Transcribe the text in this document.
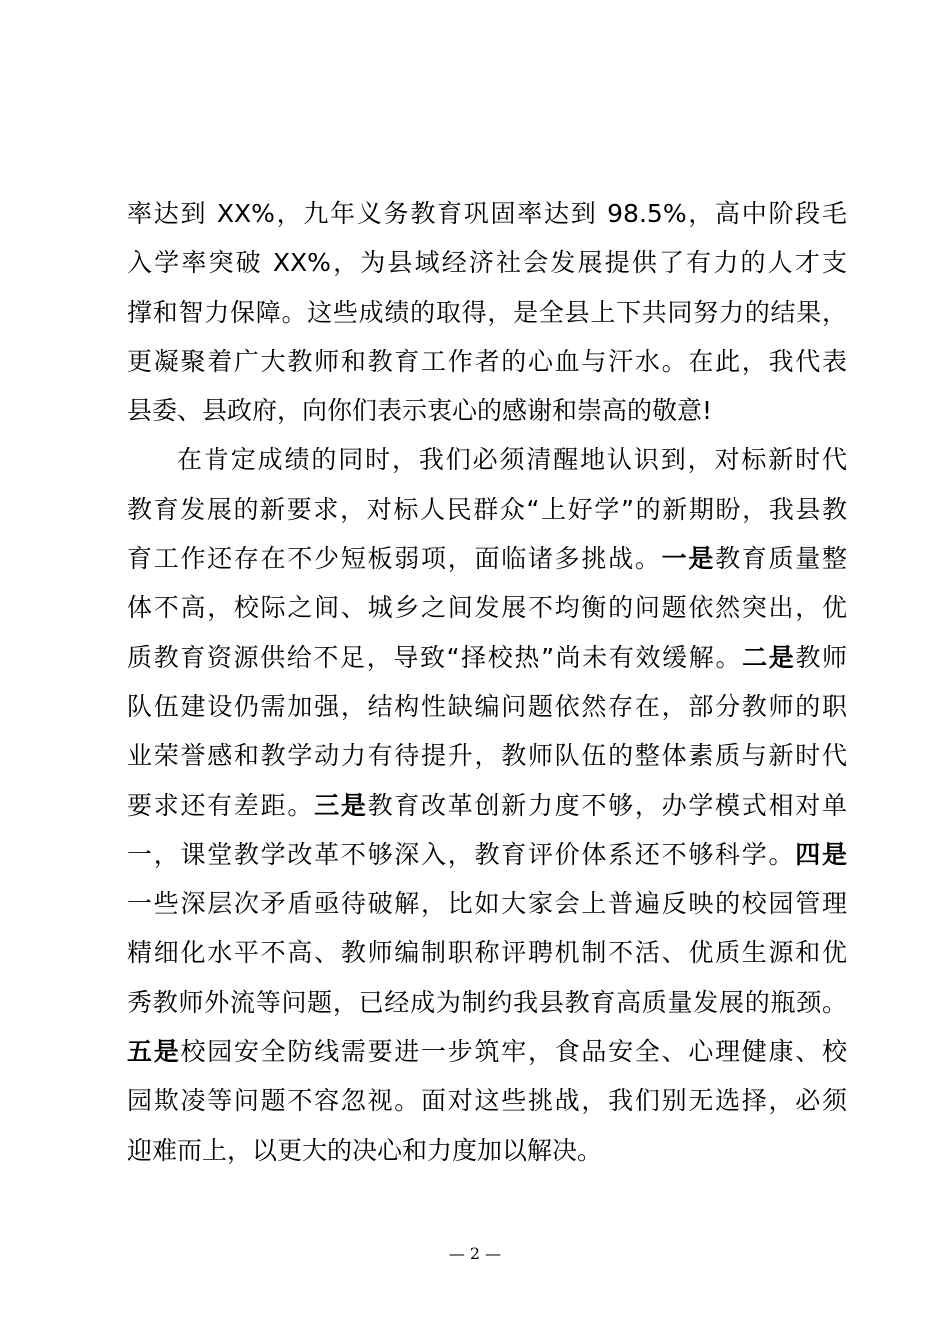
率达到 XX%，九年义务教育巩固率达到 98.5%，高中阶段毛
入学率突破 XX%，为县域经济社会发展提供了有力的人才支
撑和智力保障。这些成绩的取得，是全县上下共同努力的结果，
更凝聚着广大教师和教育工作者的心血与汗水。在此，我代表
县委、县政府，向你们表示衷心的感谢和崇高的敬意!
在肯定成绩的同时，我们必须清醒地认识到，对标新时代
教育发展的新要求，对标人民群众“上好学”的新期盼，我县教
育工作还存在不少短板弱项，面临诸多挑战。一是教育质量整
体不高，校际之间、城乡之间发展不均衡的问题依然突出，优
质教育资源供给不足，导致“择校热”尚未有效缓解。二是教师
队伍建设仍需加强，结构性缺编问题依然存在，部分教师的职
业荣誉感和教学动力有待提升，教师队伍的整体素质与新时代
要求还有差距。三是教育改革创新力度不够，办学模式相对单
一，课堂教学改革不够深入，教育评价体系还不够科学。四是
一些深层次矛盾亟待破解，比如大家会上普遍反映的校园管理
精细化水平不高、教师编制职称评聘机制不活、优质生源和优
秀教师外流等问题，已经成为制约我县教育高质量发展的瓶颈。
五是校园安全防线需要进一步筑牢，食品安全、心理健康、校
园欺凌等问题不容忽视。面对这些挑战，我们别无选择，必须
迎难而上，以更大的决心和力度加以解决。
— 2 —
